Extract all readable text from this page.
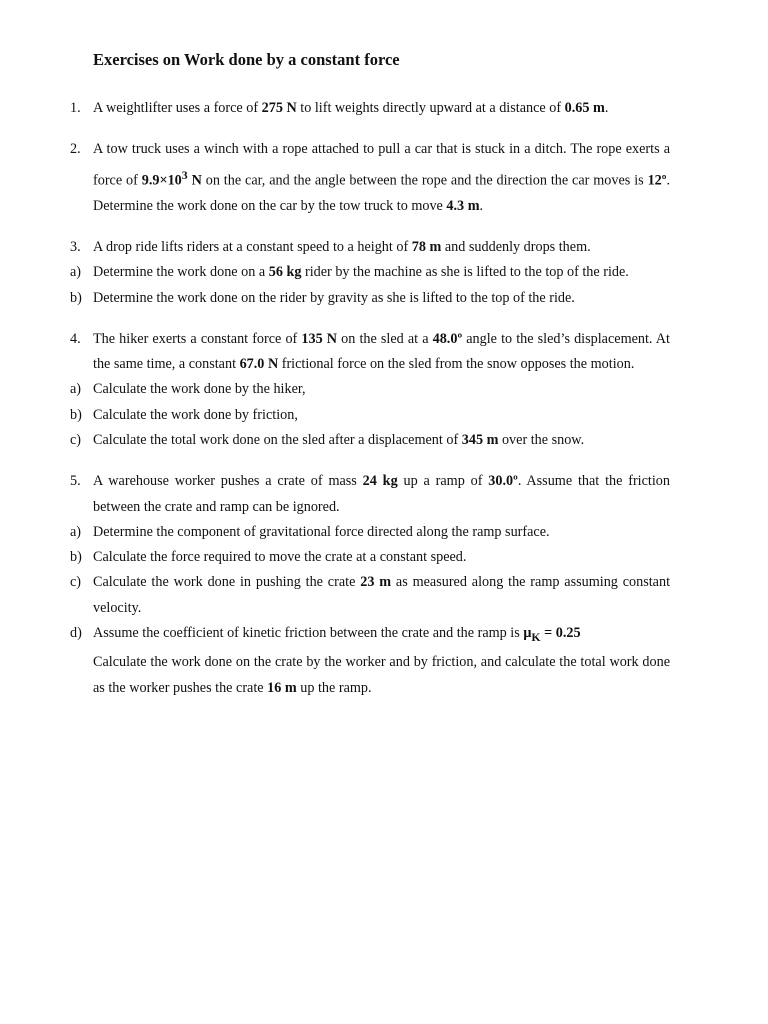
Exercises on Work done by a constant force
1. A weightlifter uses a force of 275 N to lift weights directly upward at a distance of 0.65 m.
2. A tow truck uses a winch with a rope attached to pull a car that is stuck in a ditch. The rope exerts a force of $9.9\times 10^3$ N on the car, and the angle between the rope and the direction the car moves is 12º. Determine the work done on the car by the tow truck to move 4.3 m.
3. A drop ride lifts riders at a constant speed to a height of 78 m and suddenly drops them.
a) Determine the work done on a 56 kg rider by the machine as she is lifted to the top of the ride.
b) Determine the work done on the rider by gravity as she is lifted to the top of the ride.
4. The hiker exerts a constant force of 135 N on the sled at a 48.0º angle to the sled’s displacement. At the same time, a constant 67.0 N frictional force on the sled from the snow opposes the motion.
a) Calculate the work done by the hiker,
b) Calculate the work done by friction,
c) Calculate the total work done on the sled after a displacement of 345 m over the snow.
5. A warehouse worker pushes a crate of mass 24 kg up a ramp of 30.0º. Assume that the friction between the crate and ramp can be ignored.
a) Determine the component of gravitational force directed along the ramp surface.
b) Calculate the force required to move the crate at a constant speed.
c) Calculate the work done in pushing the crate 23 m as measured along the ramp assuming constant velocity.
d) Assume the coefficient of kinetic friction between the crate and the ramp is $\mu_K = 0.25$
Calculate the work done on the crate by the worker and by friction, and calculate the total work done as the worker pushes the crate 16 m up the ramp.
